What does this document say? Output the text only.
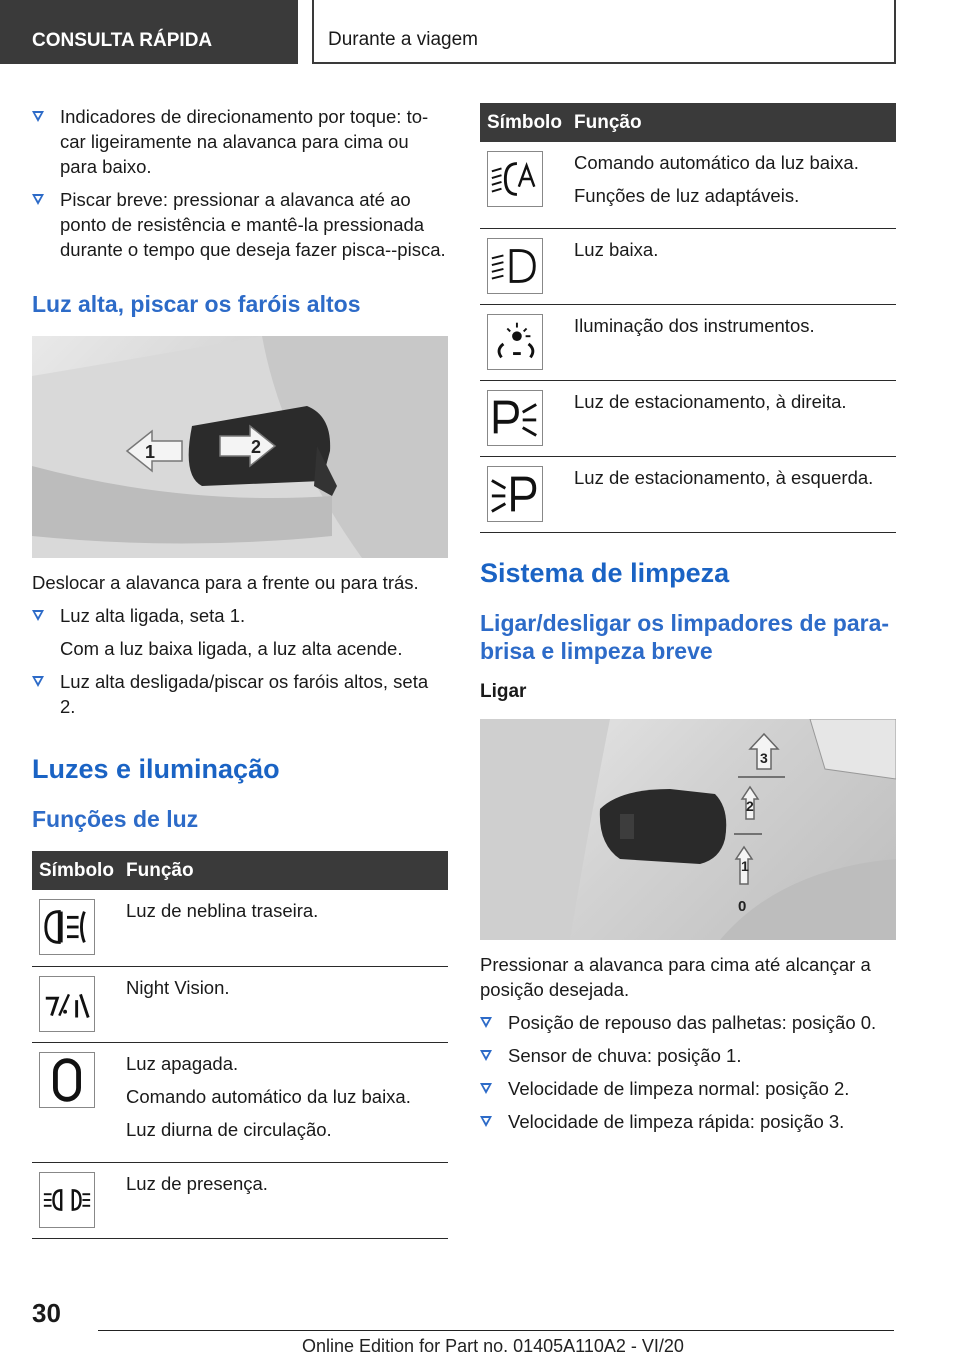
CONSULTA RÁPIDA	Durante a viagem
Indicadores de direcionamento por toque: to-car ligeiramente na alavanca para cima ou para baixo.
Piscar breve: pressionar a alavanca até ao ponto de resistência e mantê-la pressionada durante o tempo que deseja fazer pisca--pisca.
Luz alta, piscar os faróis altos
1	2
Deslocar a alavanca para a frente ou para trás.
Luz alta ligada, seta 1.
Com a luz baixa ligada, a luz alta acende.
Luz alta desligada/piscar os faróis altos, seta 2.
Luzes e iluminação
Funções de luz
Símbolo	Função

Luz de neblina traseira.

Night Vision.

Luz apagada.
Comando automático da luz baixa.
Luz diurna de circulação.

Luz de presença.
Símbolo	Função

Comando automático da luz baixa.
Funções de luz adaptáveis.

Luz baixa.

Iluminação dos instrumentos.

Luz de estacionamento, à direita.

Luz de estacionamento, à esquerda.
Sistema de limpeza
Ligar/desligar os limpadores de para-brisa e limpeza breve
Ligar
3
2
1
0
Pressionar a alavanca para cima até alcançar a posição desejada.
Posição de repouso das palhetas: posição 0.
Sensor de chuva: posição 1.
Velocidade de limpeza normal: posição 2.
Velocidade de limpeza rápida: posição 3.
30
Online Edition for Part no. 01405A110A2 - VI/20
